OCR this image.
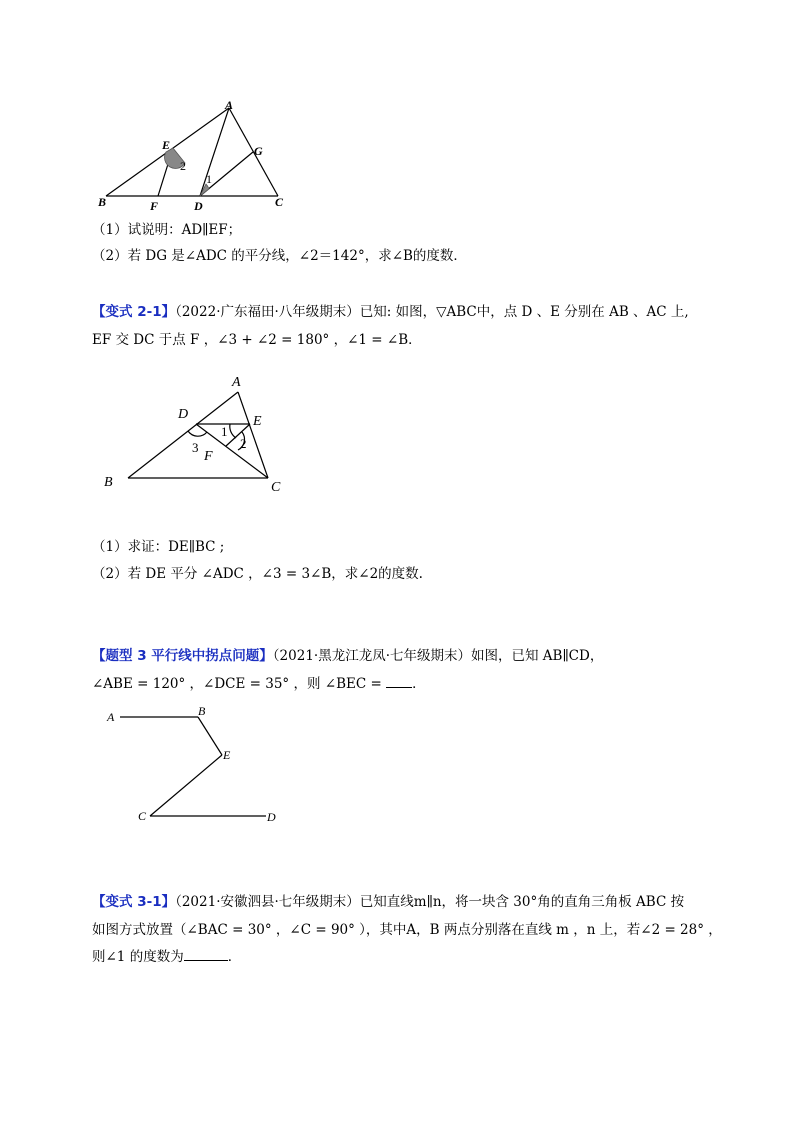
A
E	G
B	F	D	C
1
2
（1）试说明：AD∥EF；
（2）若 DG 是∠ADC 的平分线，∠2＝142°，求∠B的度数．
【变式 2-1】（2022·广东福田·八年级期末）已知: 如图，▽ABC中，点 D 、E 分别在 AB 、AC 上,
EF 交 DC 于点 F ，∠3 + ∠2 = 180° ，∠1 = ∠B．
A
D	E
B	C
F
1
2
3
（1）求证：DE∥BC ;
（2）若 DE 平分 ∠ADC ，∠3 = 3∠B，求∠2的度数.
【题型 3 平行线中拐点问题】（2021·黑龙江龙凤·七年级期末）如图，已知 AB∥CD，
∠ABE = 120° ，∠DCE = 35° ，则 ∠BEC = ．
A	B
E
C	D
【变式 3-1】（2021·安徽泗县·七年级期末）已知直线m∥n，将一块含 30°角的直角三角板 ABC 按
如图方式放置（∠BAC = 30° ，∠C = 90° ），其中A，B 两点分别落在直线 m ，n 上，若∠2 = 28° ，
则∠1 的度数为	．
